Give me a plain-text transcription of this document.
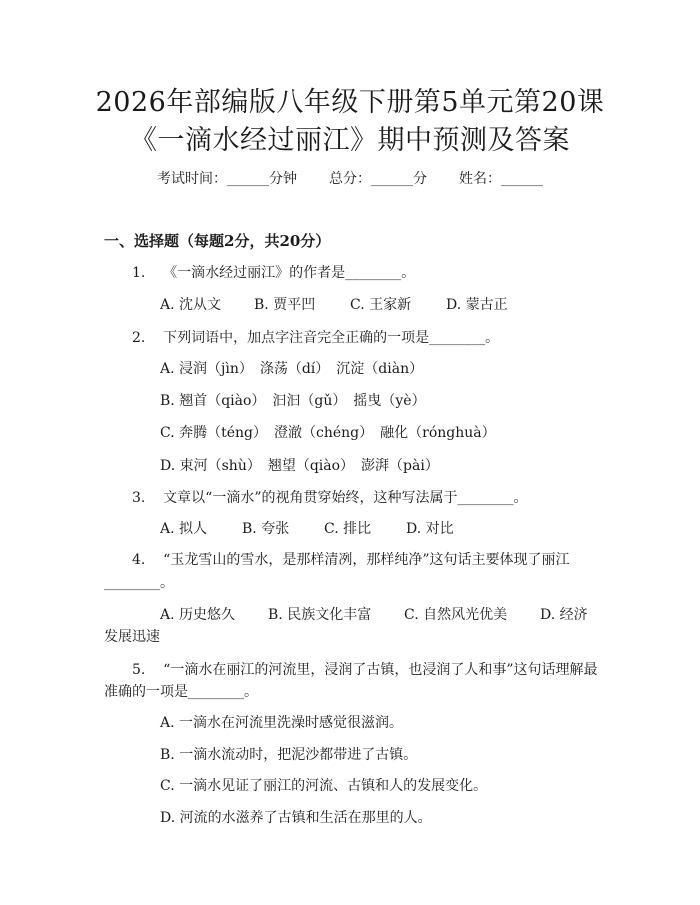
2026年部编版八年级下册第5单元第20课
《一滴水经过丽江》期中预测及答案
考试时间：______分钟 总分：______分 姓名：______
一、选择题（每题2分，共20分）
1. 《一滴水经过丽江》的作者是________。
A. 沈从文 B. 贾平凹 C. 王家新 D. 蒙古正
2. 下列词语中，加点字注音完全正确的一项是________。
A. 浸润（jìn）　涤荡（dí）　沉淀（diàn）
B. 翘首（qiào）　汩汩（gǔ）　摇曳（yè）
C. 奔腾（téng）　澄澈（chéng）　融化（rónghuà）
D. 束河（shù）　翘望（qiào）　澎湃（pài）
3. 文章以“一滴水”的视角贯穿始终，这种写法属于________。
A. 拟人 B. 夸张 C. 排比 D. 对比
4. “玉龙雪山的雪水，是那样清冽，那样纯净”这句话主要体现了丽江
________。
A. 历史悠久 B. 民族文化丰富 C. 自然风光优美 D. 经济
发展迅速
5. “一滴水在丽江的河流里，浸润了古镇，也浸润了人和事”这句话理解最
准确的一项是________。
A. 一滴水在河流里洗澡时感觉很滋润。
B. 一滴水流动时，把泥沙都带进了古镇。
C. 一滴水见证了丽江的河流、古镇和人的发展变化。
D. 河流的水滋养了古镇和生活在那里的人。
